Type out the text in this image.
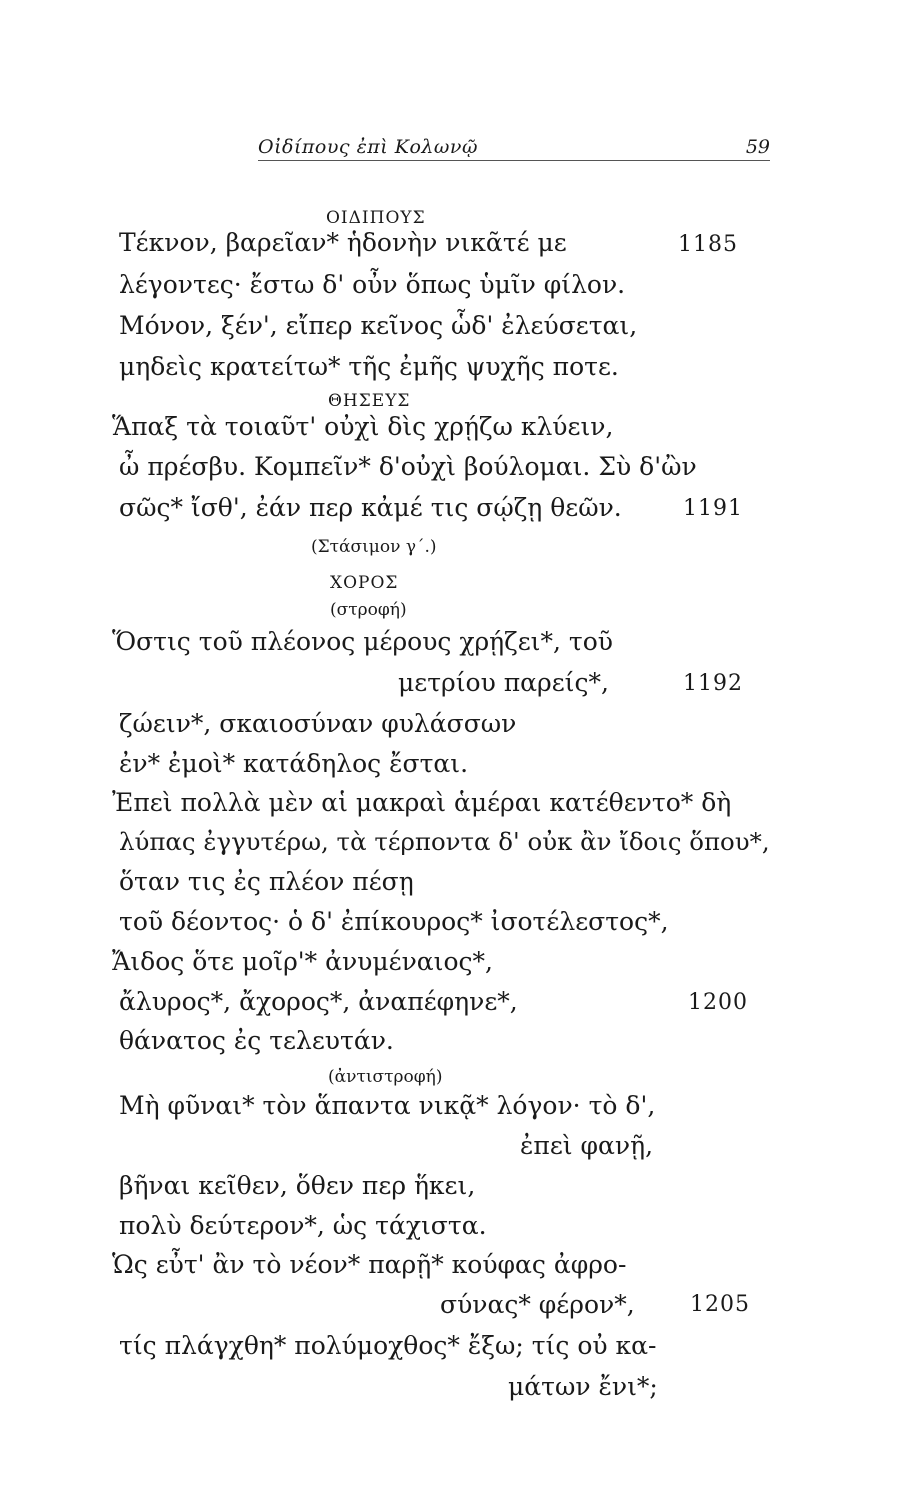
Οἰδίπους ἐπὶ Κολωνῷ	59
ΟΙΔΙΠΟΥΣ
Τέκνον, βαρεῖαν* ἡδονὴν νικᾶτέ με	1185
λέγοντες· ἔστω δ' οὖν ὅπως ὑμῖν φίλον.
Μόνον, ξέν', εἴπερ κεῖνος ὧδ' ἐλεύσεται,
μηδεὶς κρατείτω* τῆς ἐμῆς ψυχῆς ποτε.
ΘΗΣΕΥΣ
Ἅπαξ τὰ τοιαῦτ' οὐχὶ δὶς χρῄζω κλύειν,
ὦ πρέσβυ. Κομπεῖν* δ'οὐχὶ βούλομαι. Σὺ δ'ὢν
σῶς* ἴσθ', ἐάν περ κἀμέ τις σῴζῃ θεῶν.	1191
(Στάσιμον γ΄.)
ΧΟΡΟΣ
(στροφή)
Ὅστις τοῦ πλέονος μέρους χρῄζει*, τοῦ
μετρίου παρείς*,	1192
ζώειν*, σκαιοσύναν φυλάσσων
ἐν* ἐμοὶ* κατάδηλος ἔσται.
Ἐπεὶ πολλὰ μὲν αἱ μακραὶ ἁμέραι κατέθεντο* δὴ
λύπας ἐγγυτέρω, τὰ τέρποντα δ' οὐκ ἂν ἴδοις ὅπου*,
ὅταν τις ἐς πλέον πέσῃ
τοῦ δέοντος· ὁ δ' ἐπίκουρος* ἰσοτέλεστος*,
Ἄιδος ὅτε μοῖρ'* ἀνυμέναιος*,
ἄλυρος*, ἄχορος*, ἀναπέφηνε*,	1200
θάνατος ἐς τελευτάν.
(ἀντιστροφή)
Μὴ φῦναι* τὸν ἅπαντα νικᾷ* λόγον· τὸ δ',
ἐπεὶ φανῇ,
βῆναι κεῖθεν, ὅθεν περ ἥκει,
πολὺ δεύτερον*, ὡς τάχιστα.
Ὡς εὖτ' ἂν τὸ νέον* παρῇ* κούφας ἀφρο-
σύνας* φέρον*,	1205
τίς πλάγχθη* πολύμοχθος* ἔξω; τίς οὐ κα-
μάτων ἔνι*;
